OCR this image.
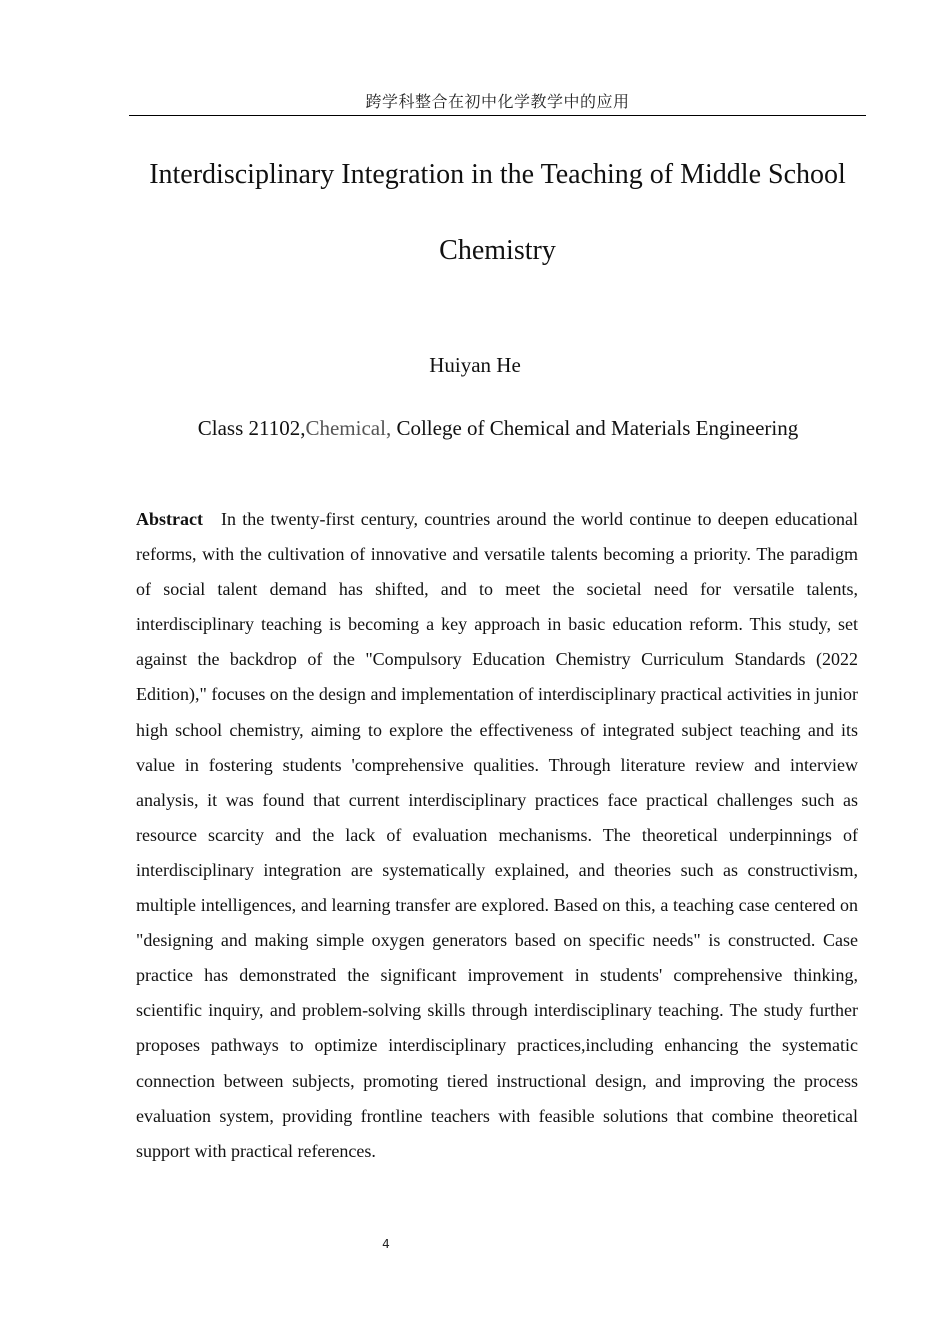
跨学科整合在初中化学教学中的应用
Interdisciplinary Integration in the Teaching of Middle School Chemistry
Huiyan He
Class 21102,Chemical, College of Chemical and Materials Engineering

Abstract In the twenty-first century, countries around the world continue to deepen educational reforms, with the cultivation of innovative and versatile talents becoming a priority. The paradigm of social talent demand has shifted, and to meet the societal need for versatile talents, interdisciplinary teaching is becoming a key approach in basic education reform. This study, set against the backdrop of the "Compulsory Education Chemistry Curriculum Standards (2022 Edition)," focuses on the design and implementation of interdisciplinary practical activities in junior high school chemistry, aiming to explore the effectiveness of integrated subject teaching and its value in fostering students 'comprehensive qualities. Through literature review and interview analysis, it was found that current interdisciplinary practices face practical challenges such as resource scarcity and the lack of evaluation mechanisms. The theoretical underpinnings of interdisciplinary integration are systematically explained, and theories such as constructivism, multiple intelligences, and learning transfer are explored. Based on this, a teaching case centered on "designing and making simple oxygen generators based on specific needs" is constructed. Case practice has demonstrated the significant improvement in students' comprehensive thinking, scientific inquiry, and problem-solving skills through interdisciplinary teaching. The study further proposes pathways to optimize interdisciplinary practices,including enhancing the systematic connection between subjects, promoting tiered instructional design, and improving the process evaluation system, providing frontline teachers with feasible solutions that combine theoretical support with practical references.

4
